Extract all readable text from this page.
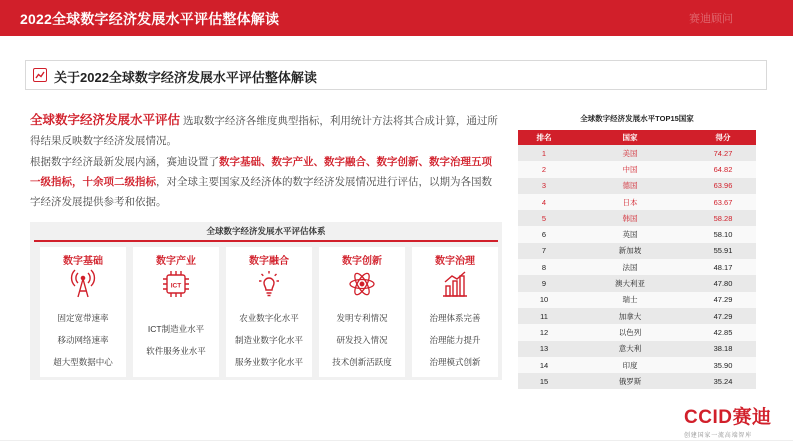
2022全球数字经济发展水平评估整体解读	赛迪顾问
关于2022全球数字经济发展水平评估整体解读
全球数字经济发展水平评估 选取数字经济各维度典型指标，利用统计方法将其合成计算，通过所得结果反映数字经济发展情况。
根据数字经济最新发展内涵，赛迪设置了数字基础、数字产业、数字融合、数字创新、数字治理五项一级指标，十余项二级指标，对全球主要国家及经济体的数字经济发展情况进行评估，以期为各国数字经济发展提供参考和依据。
全球数字经济发展水平评估体系
数字基础
固定宽带速率
移动网络速率
超大型数据中心
数字产业
ICT
ICT制造业水平
软件服务业水平
数字融合
农业数字化水平
制造业数字化水平
服务业数字化水平
数字创新
发明专利情况
研发投入情况
技术创新活跃度
数字治理
治理体系完善
治理能力提升
治理模式创新
全球数字经济发展水平TOP15国家
排名	国家	得分
1	美国	74.27
2	中国	64.82
3	德国	63.96
4	日本	63.67
5	韩国	58.28
6	英国	58.10
7	新加坡	55.91
8	法国	48.17
9	澳大利亚	47.80
10	瑞士	47.29
11	加拿大	47.29
12	以色列	42.85
13	意大利	38.18
14	印度	35.90
15	俄罗斯	35.24
CCID赛迪
创建国家一流高端智库
